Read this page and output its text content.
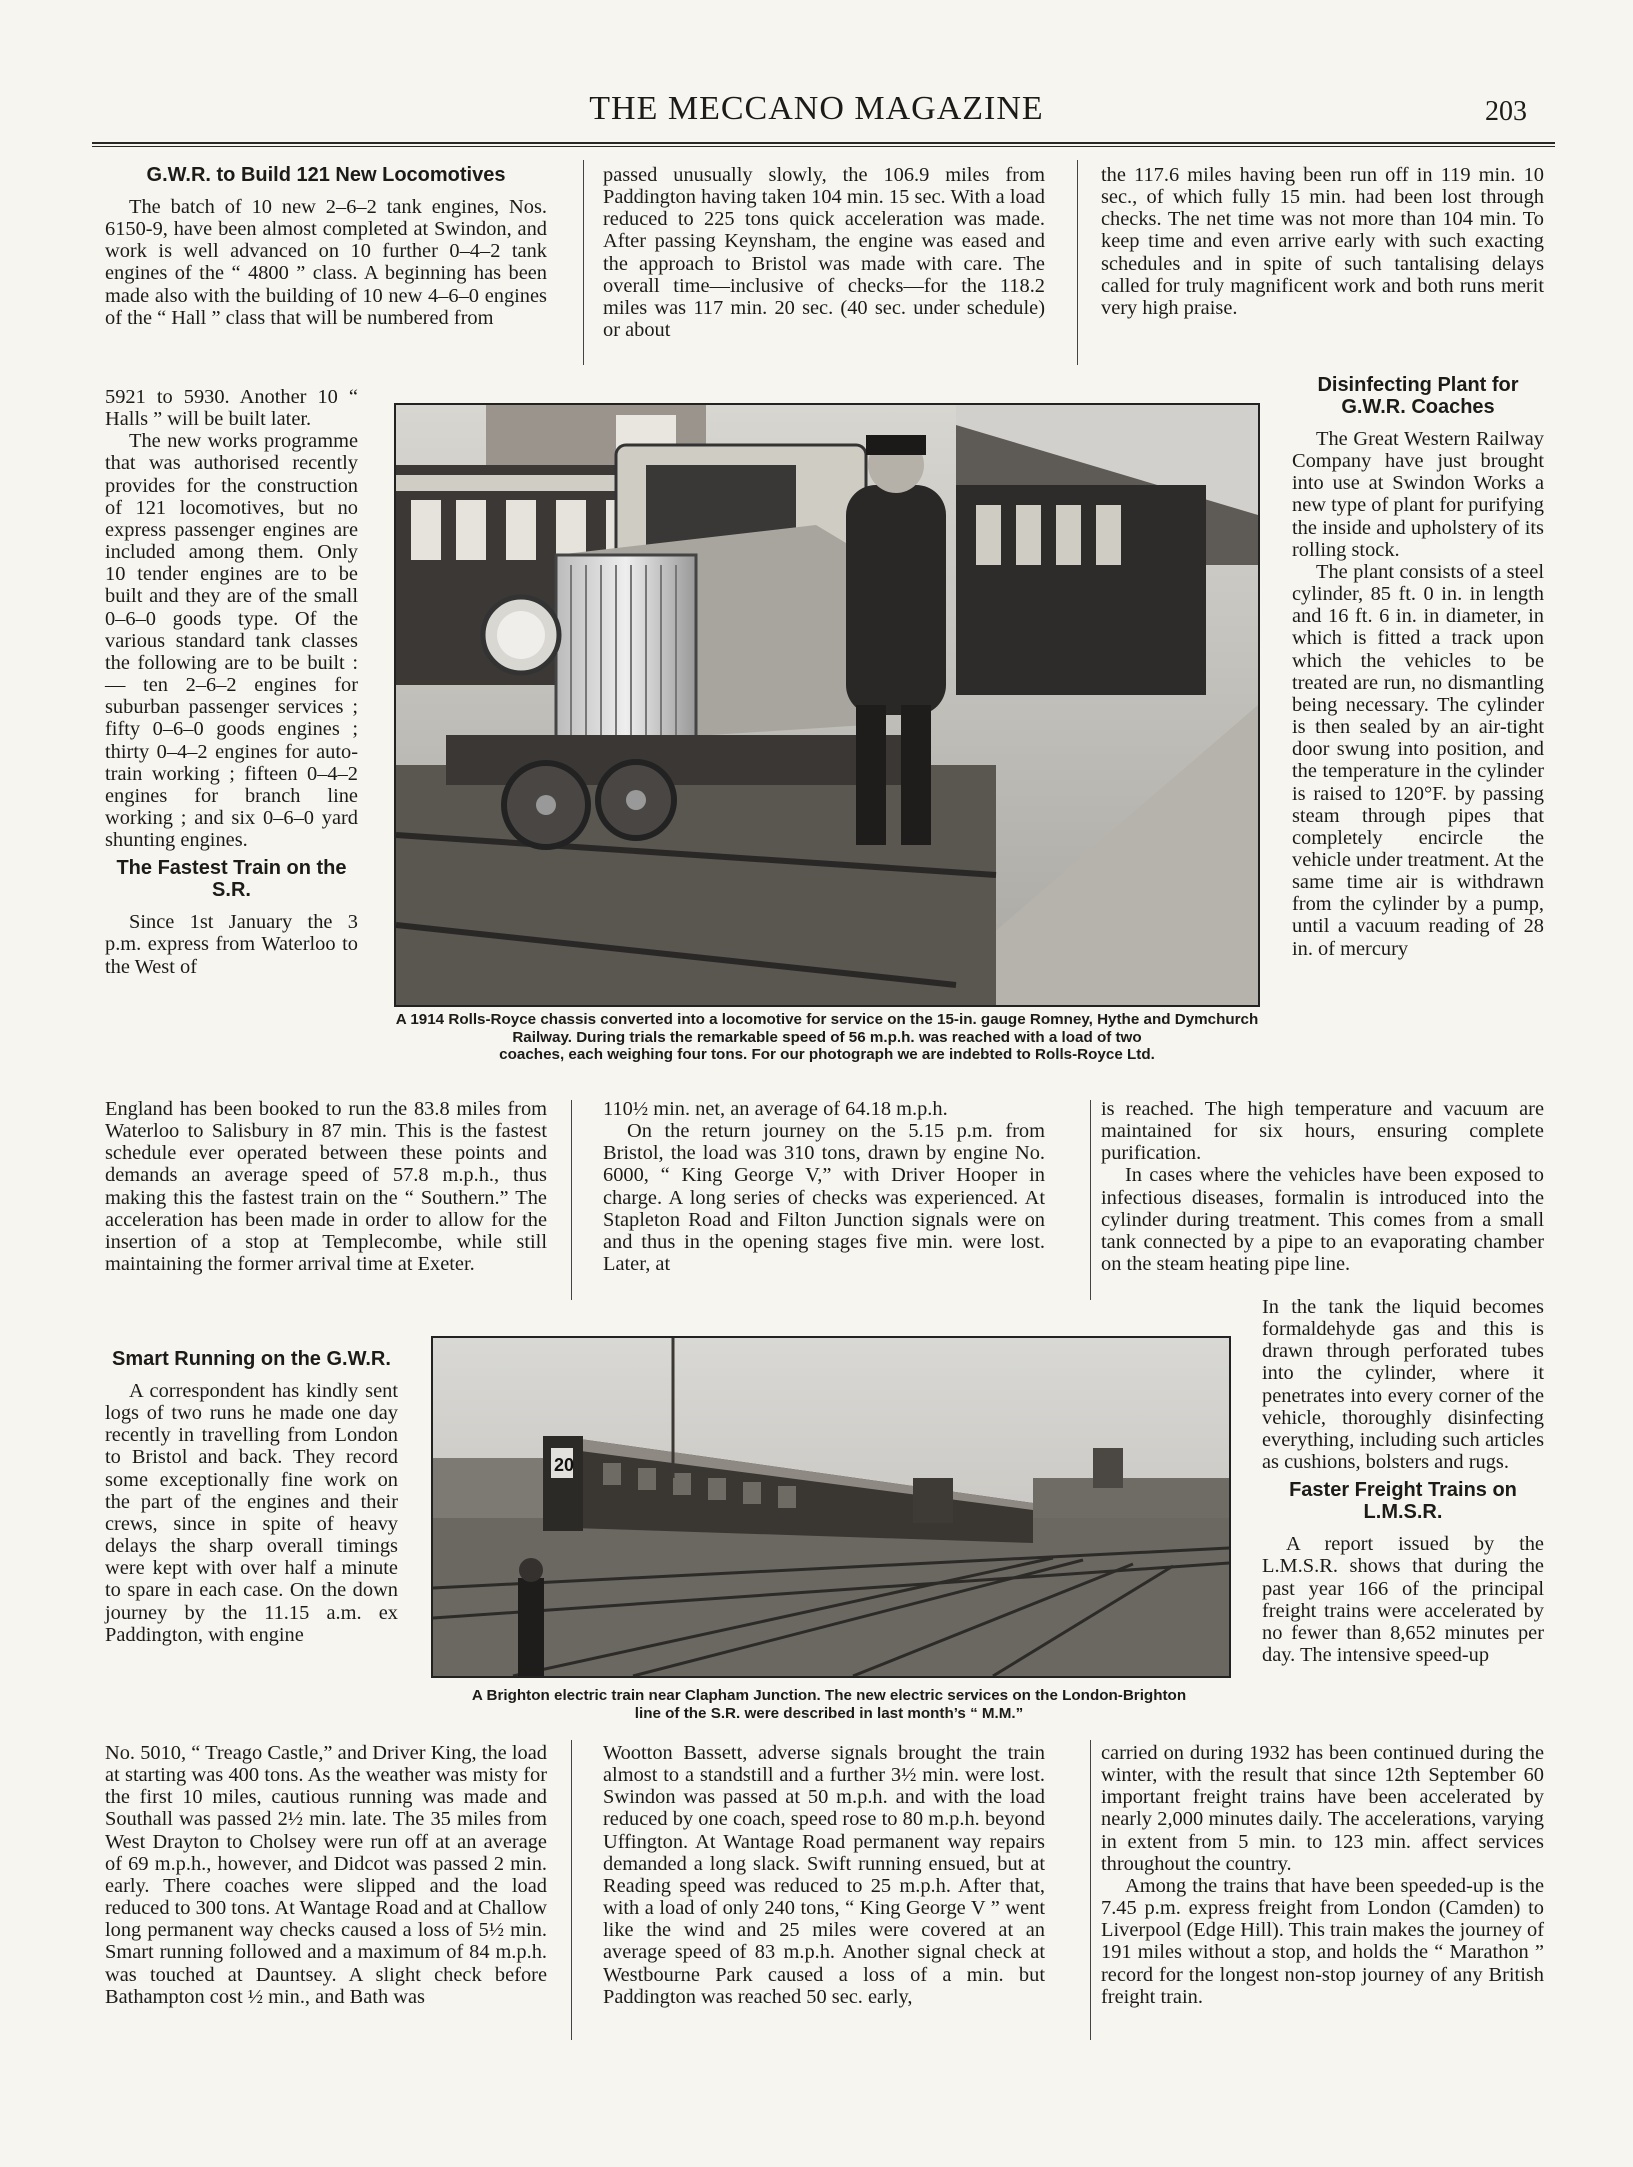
THE MECCANO MAGAZINE	203
G.W.R. to Build 121 New Locomotives

The batch of 10 new 2–6–2 tank engines, Nos. 6150-9, have been almost completed at Swindon, and work is well advanced on 10 further 0–4–2 tank engines of the “ 4800 ” class. A beginning has been made also with the building of 10 new 4–6–0 engines of the “ Hall ” class that will be numbered from

5921 to 5930. Another 10 “ Halls ” will be built later.

The new works programme that was authorised recently provides for the construction of 121 locomotives, but no express passenger engines are included among them. Only 10 tender engines are to be built and they are of the small 0–6–0 goods type. Of the various standard tank classes the following are to be built :— ten 2–6–2 engines for suburban passenger services ; fifty 0–6–0 goods engines ; thirty 0–4–2 engines for auto-train working ; fifteen 0–4–2 engines for branch line working ; and six 0–6–0 yard shunting engines.

The Fastest Train on the S.R.

Since 1st January the 3 p.m. express from Waterloo to the West of

England has been booked to run the 83.8 miles from Waterloo to Salisbury in 87 min. This is the fastest schedule ever operated between these points and demands an average speed of 57.8 m.p.h., thus making this the fastest train on the “ Southern.” The acceleration has been made in order to allow for the insertion of a stop at Templecombe, while still maintaining the former arrival time at Exeter.

Smart Running on the G.W.R.

A correspondent has kindly sent logs of two runs he made one day recently in travelling from London to Bristol and back. They record some exceptionally fine work on the part of the engines and their crews, since in spite of heavy delays the sharp overall timings were kept with over half a minute to spare in each case. On the down journey by the 11.15 a.m. ex Paddington, with engine

No. 5010, “ Treago Castle,” and Driver King, the load at starting was 400 tons. As the weather was misty for the first 10 miles, cautious running was made and Southall was passed 2½ min. late. The 35 miles from West Drayton to Cholsey were run off at an average of 69 m.p.h., however, and Didcot was passed 2 min. early. There coaches were slipped and the load reduced to 300 tons. At Wantage Road and at Challow long permanent way checks caused a loss of 5½ min. Smart running followed and a maximum of 84 m.p.h. was touched at Dauntsey. A slight check before Bathampton cost ½ min., and Bath was

passed unusually slowly, the 106.9 miles from Paddington having taken 104 min. 15 sec. With a load reduced to 225 tons quick acceleration was made. After passing Keynsham, the engine was eased and the approach to Bristol was made with care. The overall time—inclusive of checks—for the 118.2 miles was 117 min. 20 sec. (40 sec. under schedule) or about

110½ min. net, an average of 64.18 m.p.h.

On the return journey on the 5.15 p.m. from Bristol, the load was 310 tons, drawn by engine No. 6000, “ King George V,” with Driver Hooper in charge. A long series of checks was experienced. At Stapleton Road and Filton Junction signals were on and thus in the opening stages five min. were lost. Later, at

Wootton Bassett, adverse signals brought the train almost to a standstill and a further 3½ min. were lost. Swindon was passed at 50 m.p.h. and with the load reduced by one coach, speed rose to 80 m.p.h. beyond Uffington. At Wantage Road permanent way repairs demanded a long slack. Swift running ensued, but at Reading speed was reduced to 25 m.p.h. After that, with a load of only 240 tons, “ King George V ” went like the wind and 25 miles were covered at an average speed of 83 m.p.h. Another signal check at Westbourne Park caused a loss of a min. but Paddington was reached 50 sec. early,

the 117.6 miles having been run off in 119 min. 10 sec., of which fully 15 min. had been lost through checks. The net time was not more than 104 min. To keep time and even arrive early with such exacting schedules and in spite of such tantalising delays called for truly magnificent work and both runs merit very high praise.

Disinfecting Plant for G.W.R. Coaches

The Great Western Railway Company have just brought into use at Swindon Works a new type of plant for purifying the inside and upholstery of its rolling stock.

The plant consists of a steel cylinder, 85 ft. 0 in. in length and 16 ft. 6 in. in diameter, in which is fitted a track upon which the vehicles to be treated are run, no dismantling being necessary. The cylinder is then sealed by an air-tight door swung into position, and the temperature in the cylinder is raised to 120°F. by passing steam through pipes that completely encircle the vehicle under treatment. At the same time air is withdrawn from the cylinder by a pump, until a vacuum reading of 28 in. of mercury

is reached. The high temperature and vacuum are maintained for six hours, ensuring complete purification.

In cases where the vehicles have been exposed to infectious diseases, formalin is introduced into the cylinder during treatment. This comes from a small tank connected by a pipe to an evaporating chamber on the steam heating pipe line.

In the tank the liquid becomes formaldehyde gas and this is drawn through perforated tubes into the cylinder, where it penetrates into every corner of the vehicle, thoroughly disinfecting everything, including such articles as cushions, bolsters and rugs.

Faster Freight Trains on L.M.S.R.

A report issued by the L.M.S.R. shows that during the past year 166 of the principal freight trains were accelerated by no fewer than 8,652 minutes per day. The intensive speed-up

carried on during 1932 has been continued during the winter, with the result that since 12th September 60 important freight trains have been accelerated by nearly 2,000 minutes daily. The accelerations, varying in extent from 5 min. to 123 min. affect services throughout the country.

Among the trains that have been speeded-up is the 7.45 p.m. express freight from London (Camden) to Liverpool (Edge Hill). This train makes the journey of 191 miles without a stop, and holds the “ Marathon ” record for the longest non-stop journey of any British freight train.

A 1914 Rolls-Royce chassis converted into a locomotive for service on the 15-in. gauge Romney, Hythe and Dymchurch Railway. During trials the remarkable speed of 56 m.p.h. was reached with a load of two
coaches, each weighing four tons. For our photograph we are indebted to Rolls-Royce Ltd.
20
A Brighton electric train near Clapham Junction. The new electric services on the London-Brighton
line of the S.R. were described in last month’s “ M.M.”
